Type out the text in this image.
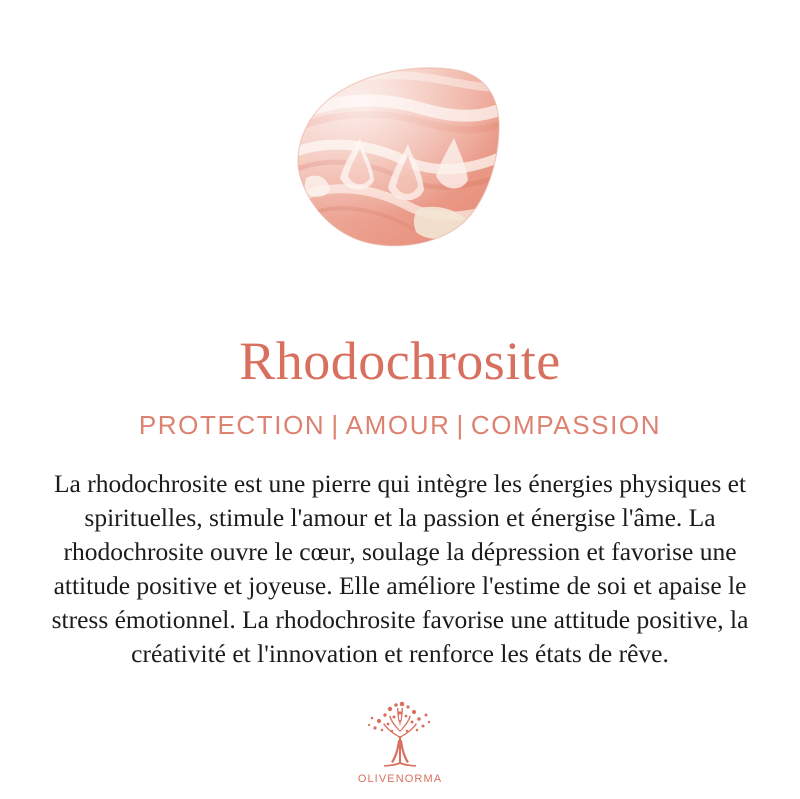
Rhodochrosite
PROTECTION | AMOUR | COMPASSION

La rhodochrosite est une pierre qui intègre les énergies physiques et spirituelles, stimule l'amour et la passion et énergise l'âme. La rhodochrosite ouvre le cœur, soulage la dépression et favorise une attitude positive et joyeuse. Elle améliore l'estime de soi et apaise le stress émotionnel. La rhodochrosite favorise une attitude positive, la créativité et l'innovation et renforce les états de rêve.

OLIVENORMA
